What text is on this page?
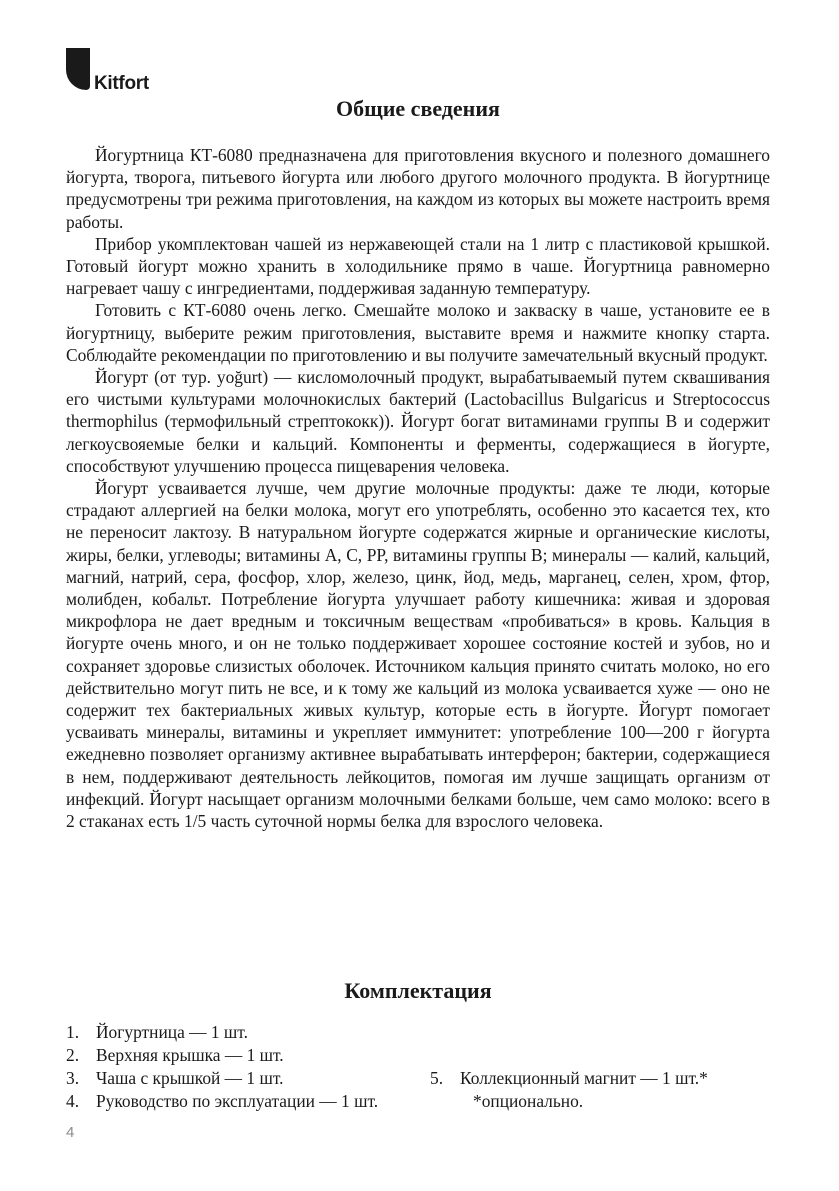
Kitfort
Общие сведения

Йогуртница КТ-6080 предназначена для приготовления вкусного и полезного домашнего йогурта, творога, питьевого йогурта или любого другого молочного продукта. В йогуртнице предусмотрены три режима приготовления, на каждом из которых вы можете настроить время работы.

Прибор укомплектован чашей из нержавеющей стали на 1 литр с пластиковой крышкой. Готовый йогурт можно хранить в холодильнике прямо в чаше. Йогуртница равномерно нагревает чашу с ингредиентами, поддерживая заданную температуру.

Готовить с КТ-6080 очень легко. Смешайте молоко и закваску в чаше, установите ее в йогуртницу, выберите режим приготовления, выставите время и нажмите кнопку старта. Соблюдайте рекомендации по приготовлению и вы получите замечательный вкусный продукт.

Йогурт (от тур. yoğurt) — кисломолочный продукт, вырабатываемый путем сквашивания его чистыми культурами молочнокислых бактерий (Lactobacillus Bulgaricus и Streptococcus thermophilus (термофильный стрептококк)). Йогурт богат витаминами группы В и содержит легкоусвояемые белки и кальций. Компоненты и ферменты, содержащиеся в йогурте, способствуют улучшению процесса пищеварения человека.

Йогурт усваивается лучше, чем другие молочные продукты: даже те люди, которые страдают аллергией на белки молока, могут его употреблять, особенно это касается тех, кто не переносит лактозу. В натуральном йогурте содержатся жирные и органические кислоты, жиры, белки, углеводы; витамины A, C, PP, витамины группы B; минералы — калий, кальций, магний, натрий, сера, фосфор, хлор, железо, цинк, йод, медь, марганец, селен, хром, фтор, молибден, кобальт. Потребление йогурта улучшает работу кишечника: живая и здоровая микрофлора не дает вредным и токсичным веществам «пробиваться» в кровь. Кальция в йогурте очень много, и он не только поддерживает хорошее состояние костей и зубов, но и сохраняет здоровье слизистых оболочек. Источником кальция принято считать молоко, но его действительно могут пить не все, и к тому же кальций из молока усваивается хуже — оно не содержит тех бактериальных живых культур, которые есть в йогурте. Йогурт помогает усваивать минералы, витамины и укрепляет иммунитет: употребление 100—200 г йогурта ежедневно позволяет организму активнее вырабатывать интерферон; бактерии, содержащиеся в нем, поддерживают деятельность лейкоцитов, помогая им лучше защищать организм от инфекций. Йогурт насыщает организм молочными белками больше, чем само молоко: всего в 2 стаканах есть 1/5 часть суточной нормы белка для взрослого человека.

Комплектация
1. Йогуртница — 1 шт.
2. Верхняя крышка — 1 шт.
3. Чаша с крышкой — 1 шт.
4. Руководство по эксплуатации — 1 шт.
5. Коллекционный магнит — 1 шт.*
*опционально.
4
